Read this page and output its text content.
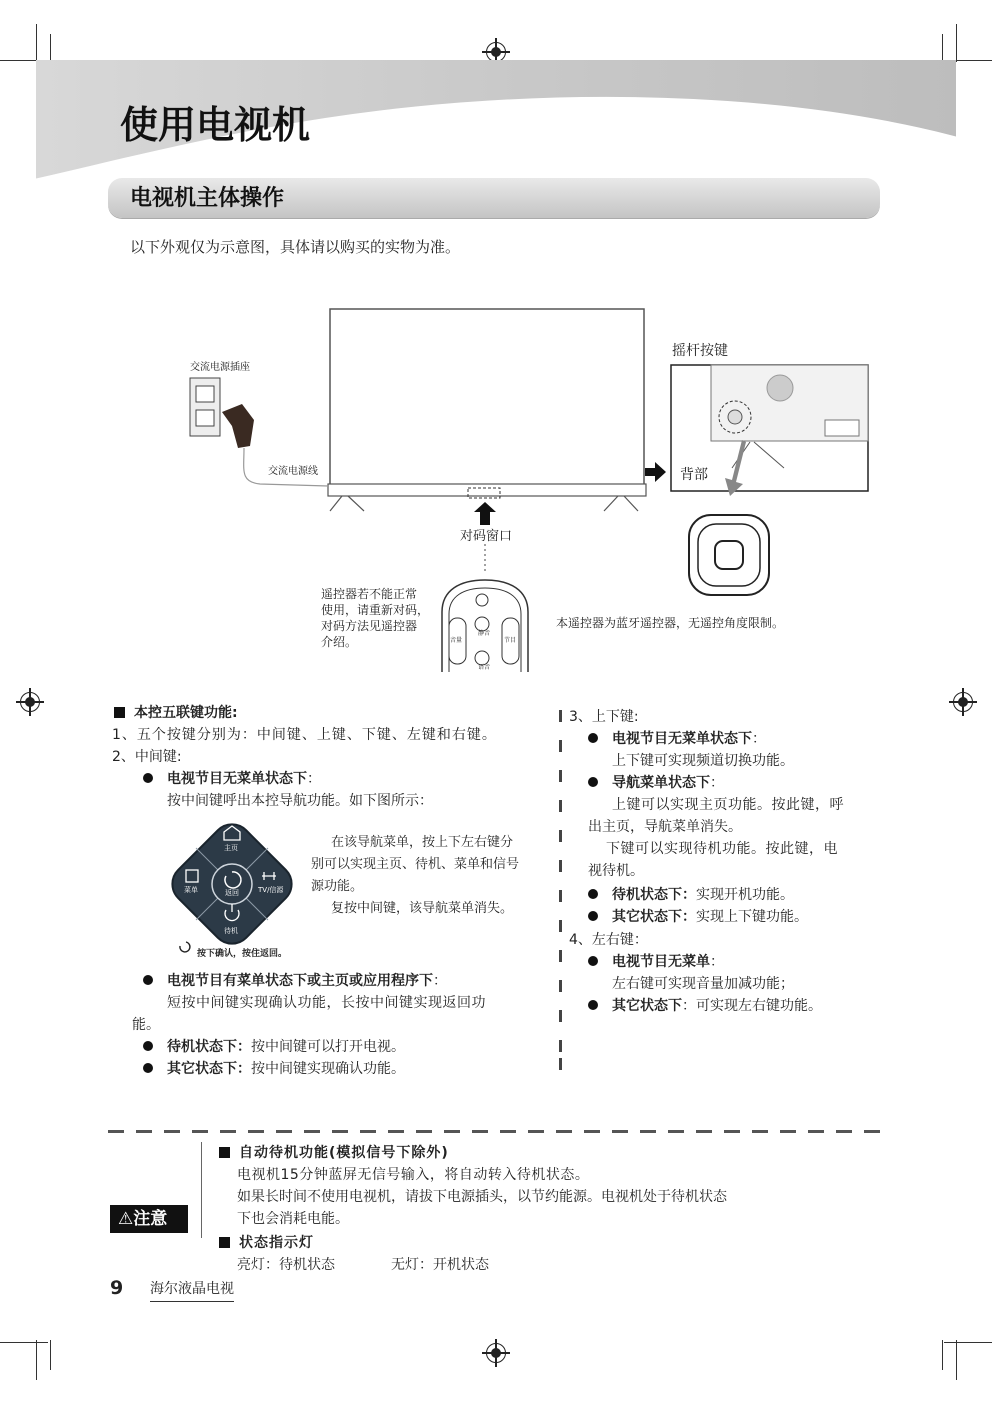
使用电视机
电视机主体操作
以下外观仅为示意图，具体请以购买的实物为准。
交流电源插座
交流电源线
对码窗口
摇杆按键
背部
遥控器若不能正常
使用，请重新对码，
对码方法见遥控器
介绍。
本遥控器为蓝牙遥控器，无遥控角度限制。
音量
静音
节目
语音
本控五联键功能:
1、五个按键分别为：中间键、上键、下键、左键和右键。
2、中间键:
电视节目无菜单状态下：
按中间键呼出本控导航功能。如下图所示：
主页
菜单	返回	TV/信源
待机
按下确认，按住返回。
在该导航菜单，按上下左右键分
别可以实现主页、待机、菜单和信号
源功能。
复按中间键，该导航菜单消失。
电视节目有菜单状态下或主页或应用程序下：
短按中间键实现确认功能，长按中间键实现返回功
能。
待机状态下：按中间键可以打开电视。
其它状态下：按中间键实现确认功能。
3、上下键:
电视节目无菜单状态下：
上下键可实现频道切换功能。
导航菜单状态下：
上键可以实现主页功能。按此键，呼
出主页，导航菜单消失。
下键可以实现待机功能。按此键，电
视待机。
待机状态下：实现开机功能。
其它状态下：实现上下键功能。
4、左右键：
电视节目无菜单：
左右键可实现音量加减功能；
其它状态下：可实现左右键功能。
⚠注意
自动待机功能(模拟信号下除外)
电视机15分钟蓝屏无信号输入，将自动转入待机状态。
如果长时间不使用电视机，请拔下电源插头，以节约能源。电视机处于待机状态
下也会消耗电能。
状态指示灯
亮灯：待机状态	无灯：开机状态
9 海尔液晶电视
